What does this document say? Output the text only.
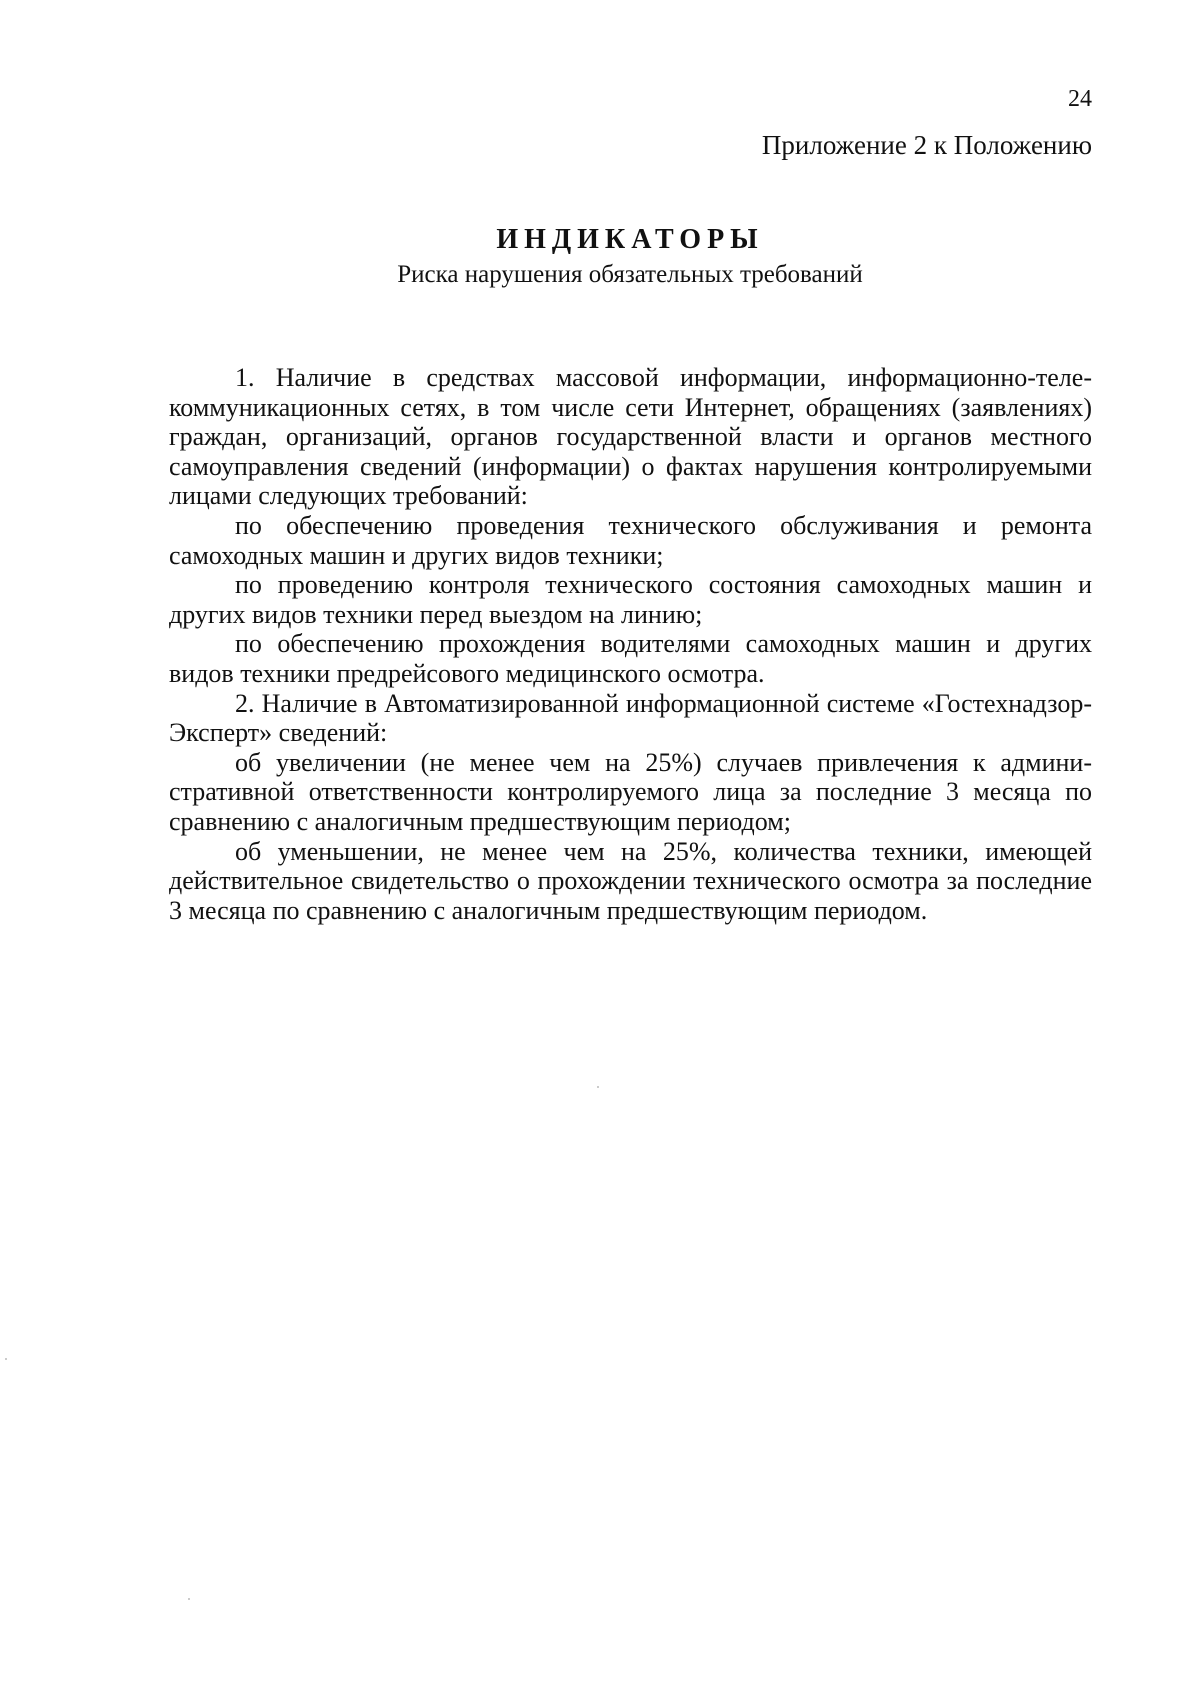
24
Приложение 2 к Положению
ИНДИКАТОРЫ
Риска нарушения обязательных требований

1. Наличие в средствах массовой информации, информационно-телекоммуникационных сетях, в том числе сети Интернет, обращениях (заявлениях) граждан, организаций, органов государственной власти и органов местного самоуправления сведений (информации) о фактах нарушения контролируемыми лицами следующих требований:

по обеспечению проведения технического обслуживания и ремонта самоходных машин и других видов техники;

по проведению контроля технического состояния самоходных машин и других видов техники перед выездом на линию;

по обеспечению прохождения водителями самоходных машин и других видов техники предрейсового медицинского осмотра.

2. Наличие в Автоматизированной информационной системе «Гостехнадзор-Эксперт» сведений:

об увеличении (не менее чем на 25%) случаев привлечения к административной ответственности контролируемого лица за последние 3 месяца по сравнению с аналогичным предшествующим периодом;

об уменьшении, не менее чем на 25%, количества техники, имеющей действительное свидетельство о прохождении технического осмотра за последние 3 месяца по сравнению с аналогичным предшествующим периодом.
